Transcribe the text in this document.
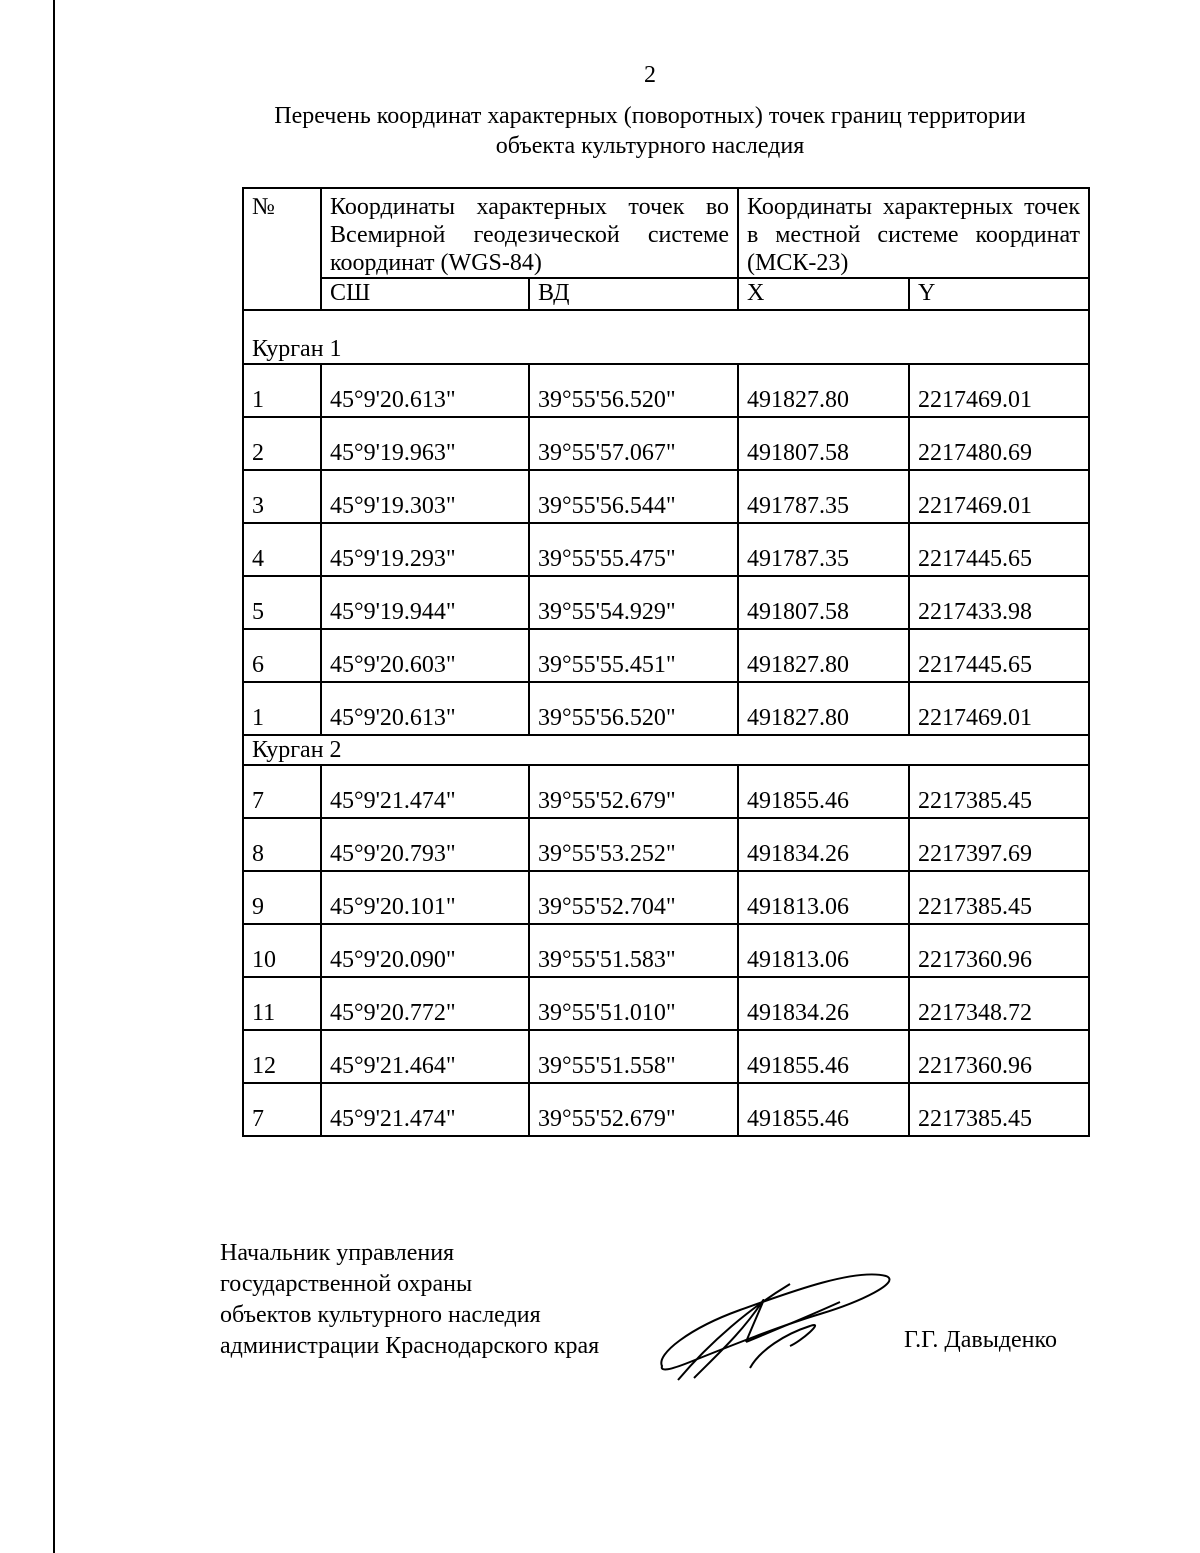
2
Перечень координат характерных (поворотных) точек границ территории
объекта культурного наследия
№	Координаты характерных точек во Всемирной геодезической системе координат (WGS-84)		Координаты характерных точек в местной системе координат (МСК-23)	
	СШ	ВД	X	Y
Курган 1				
1	45°9'20.613"	39°55'56.520"	491827.80	2217469.01
2	45°9'19.963"	39°55'57.067"	491807.58	2217480.69
3	45°9'19.303"	39°55'56.544"	491787.35	2217469.01
4	45°9'19.293"	39°55'55.475"	491787.35	2217445.65
5	45°9'19.944"	39°55'54.929"	491807.58	2217433.98
6	45°9'20.603"	39°55'55.451"	491827.80	2217445.65
1	45°9'20.613"	39°55'56.520"	491827.80	2217469.01
Курган 2				
7	45°9'21.474"	39°55'52.679"	491855.46	2217385.45
8	45°9'20.793"	39°55'53.252"	491834.26	2217397.69
9	45°9'20.101"	39°55'52.704"	491813.06	2217385.45
10	45°9'20.090"	39°55'51.583"	491813.06	2217360.96
11	45°9'20.772"	39°55'51.010"	491834.26	2217348.72
12	45°9'21.464"	39°55'51.558"	491855.46	2217360.96
7	45°9'21.474"	39°55'52.679"	491855.46	2217385.45
Начальник управления
государственной охраны
объектов культурного наследия
администрации Краснодарского края	Г.Г. Давыденко
